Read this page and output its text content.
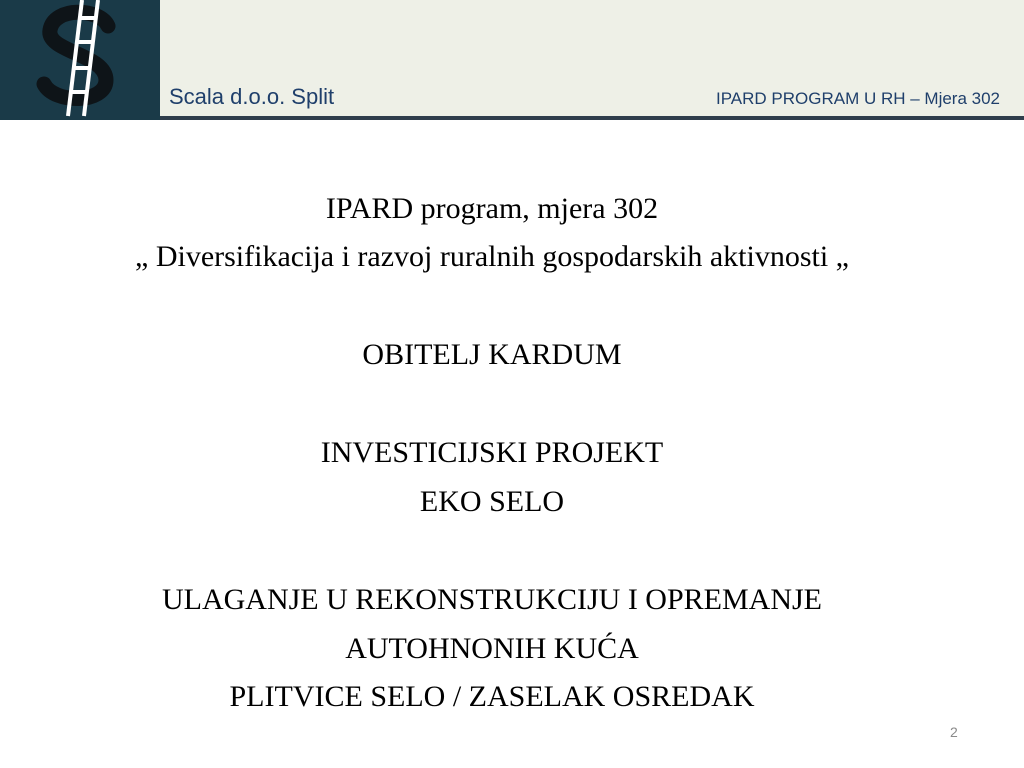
Scala d.o.o. Split	IPARD PROGRAM U RH – Mjera 302
IPARD program, mjera 302
„ Diversifikacija i razvoj ruralnih gospodarskih aktivnosti „
OBITELJ KARDUM
INVESTICIJSKI PROJEKT
EKO SELO
ULAGANJE U REKONSTRUKCIJU I OPREMANJE
AUTOHNONIH KUĆA
PLITVICE SELO / ZASELAK OSREDAK
2
